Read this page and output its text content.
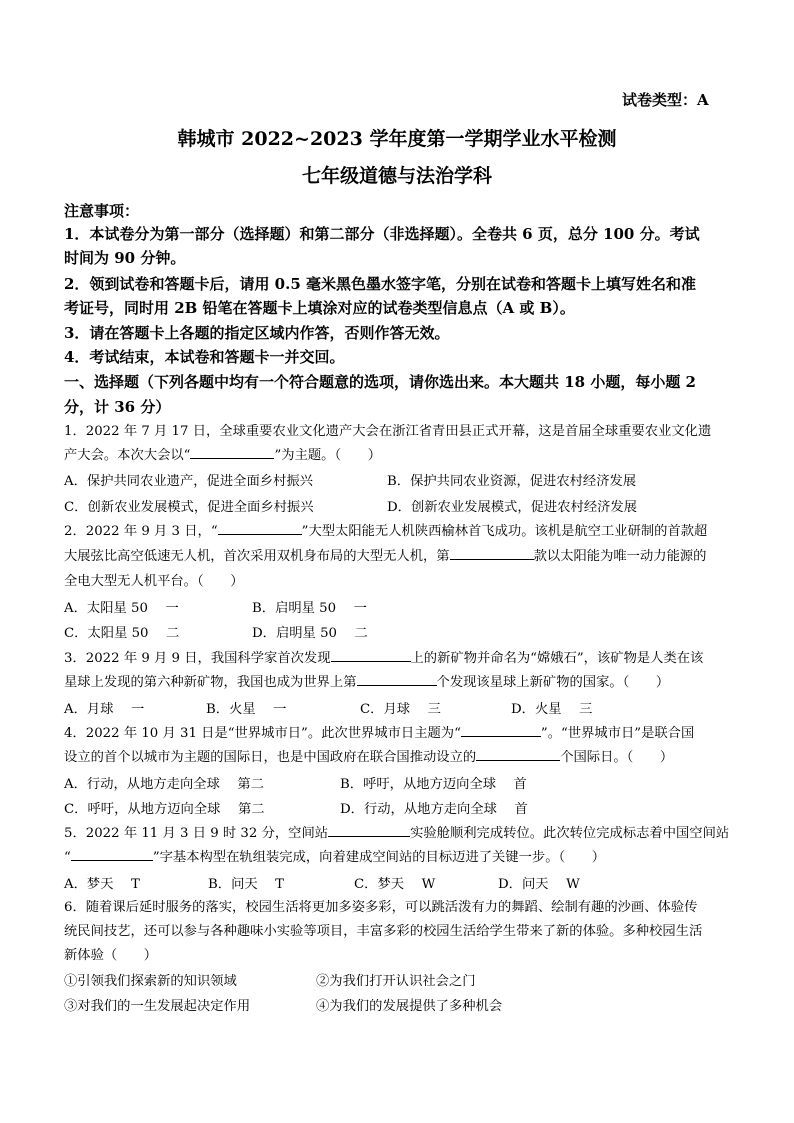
试卷类型：A
韩城市 2022~2023 学年度第一学期学业水平检测
七年级道德与法治学科
注意事项：
1．本试卷分为第一部分（选择题）和第二部分（非选择题）。全卷共 6 页，总分 100 分。考试
时间为 90 分钟。
2．领到试卷和答题卡后，请用 0.5 毫米黑色墨水签字笔，分别在试卷和答题卡上填写姓名和准
考证号，同时用 2B 铅笔在答题卡上填涂对应的试卷类型信息点（A 或 B）。
3．请在答题卡上各题的指定区域内作答，否则作答无效。
4．考试结束，本试卷和答题卡一并交回。
一、选择题（下列各题中均有一个符合题意的选项，请你选出来。本大题共 18 小题，每小题 2
分，计 36 分）
1．2022 年 7 月 17 日，全球重要农业文化遗产大会在浙江省青田县正式开幕，这是首届全球重要农业文化遗
产大会。本次大会以“	”为主题。（　　）
A．保护共同农业遗产，促进全面乡村振兴	B．保护共同农业资源，促进农村经济发展
C．创新农业发展模式，促进全面乡村振兴	D．创新农业发展模式，促进农村经济发展
2．2022 年 9 月 3 日，“	”大型太阳能无人机陕西榆林首飞成功。该机是航空工业研制的首款超
大展弦比高空低速无人机，首次采用双机身布局的大型无人机，第	款以太阳能为唯一动力能源的
全电大型无人机平台。（　　）
A．太阳星 50　 一	B．启明星 50　 一
C．太阳星 50　 二	D．启明星 50　 二
3．2022 年 9 月 9 日，我国科学家首次发现	上的新矿物并命名为“嫦娥石”，该矿物是人类在该
星球上发现的第六种新矿物，我国也成为世界上第	个发现该星球上新矿物的国家。（　　）
A．月球　 一	B．火星　 一	C．月球　 三	D．火星　 三
4．2022 年 10 月 31 日是“世界城市日”。此次世界城市日主题为“	”。“世界城市日”是联合国
设立的首个以城市为主题的国际日，也是中国政府在联合国推动设立的	个国际日。（　　）
A．行动，从地方走向全球　 第二	B．呼吁，从地方迈向全球　 首
C．呼吁，从地方迈向全球　 第二	D．行动，从地方走向全球　 首
5．2022 年 11 月 3 日 9 时 32 分，空间站	实验舱顺利完成转位。此次转位完成标志着中国空间站
“	”字基本构型在轨组装完成，向着建成空间站的目标迈进了关键一步。（　　）
A．梦天　 T	B．问天　 T	C．梦天　 W	D．问天　 W
6．随着课后延时服务的落实，校园生活将更加多姿多彩，可以跳活泼有力的舞蹈、绘制有趣的沙画、体验传
统民间技艺，还可以参与各种趣味小实验等项目，丰富多彩的校园生活给学生带来了新的体验。多种校园生活
新体验（　　）
①引领我们探索新的知识领域	②为我们打开认识社会之门
③对我们的一生发展起决定作用	④为我们的发展提供了多种机会
